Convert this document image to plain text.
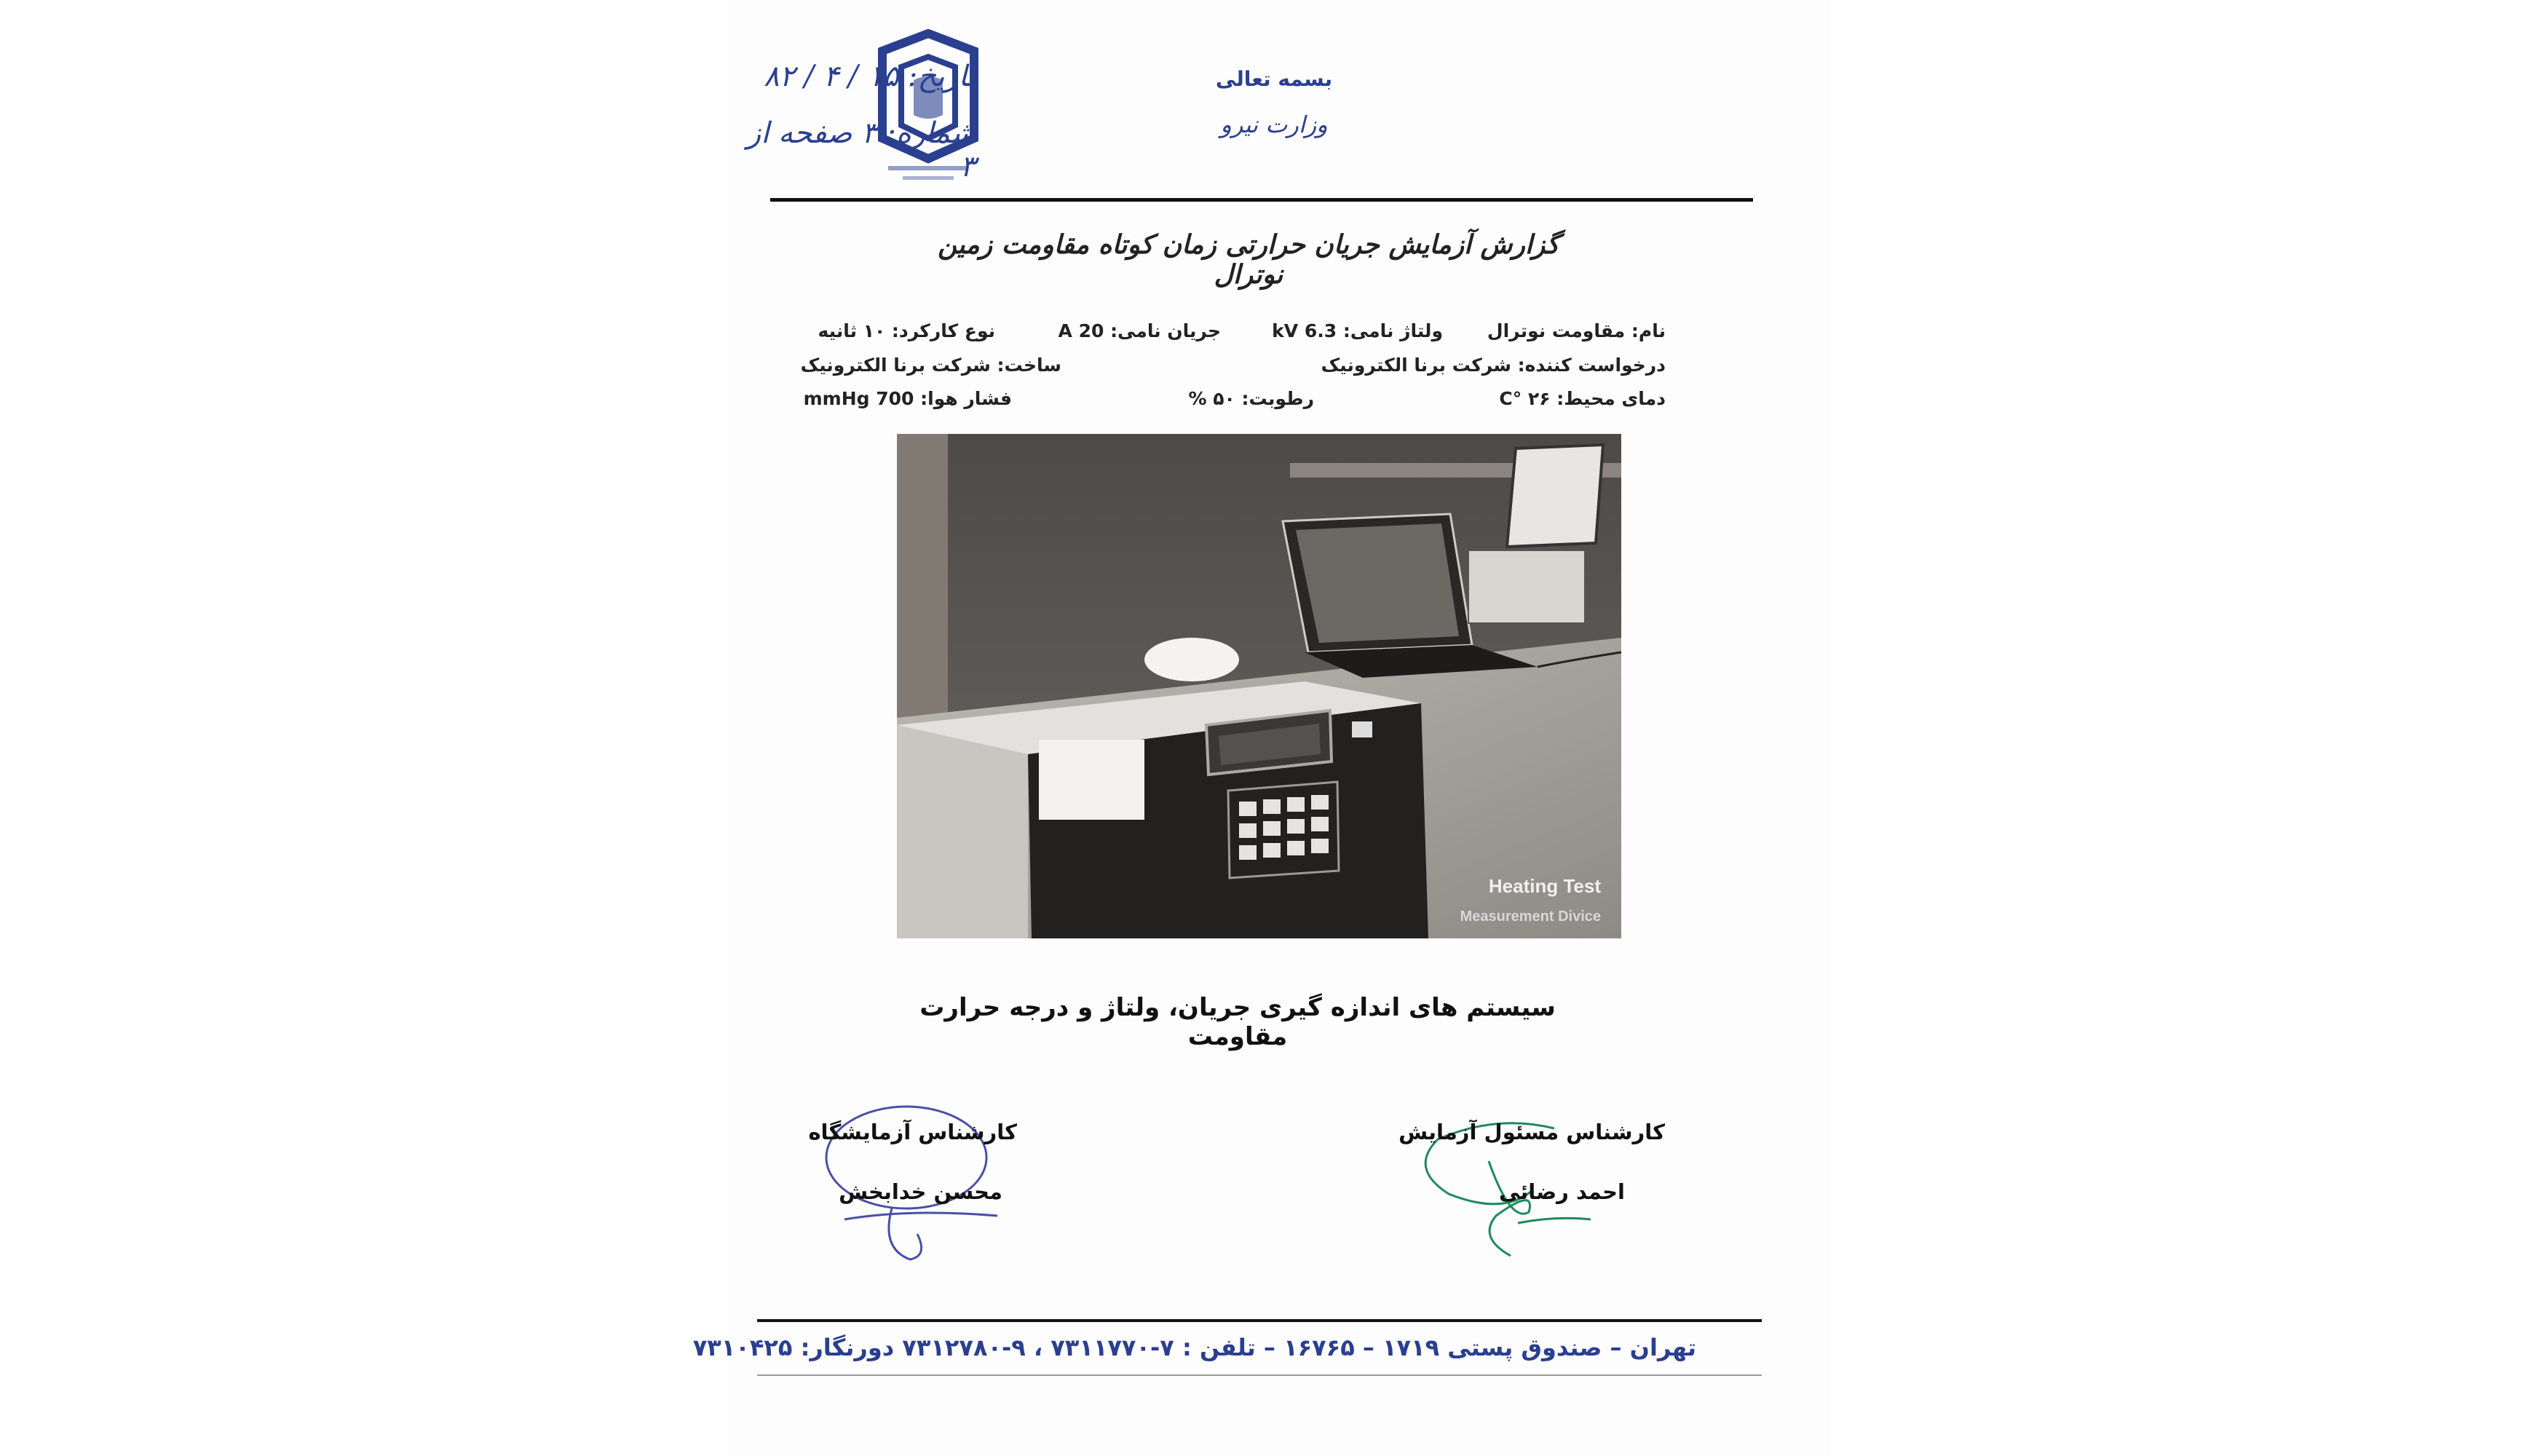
بسمه تعالی
وزارت نیرو
تاریخ: ۱۵ / ۴ / ۸۲
شماره: ۳ صفحه از ۳
گزارش آزمایش جریان حرارتی زمان کوتاه مقاومت زمین نوترال
نام: مقاومت نوترال
ولتاژ نامی: 6.3 kV
جریان نامی: 20 A
نوع کارکرد: ۱۰ ثانیه
درخواست کننده: شرکت برنا الکترونیک
ساخت: شرکت برنا الکترونیک
دمای محیط: ۲۶ °C
رطوبت: ۵۰ %
فشار هوا: 700 mmHg
Heating Test
Measurement Divice
سیستم های اندازه گیری جریان، ولتاژ و درجه حرارت مقاومت
کارشناس آزمایشگاه
محسن خدابخش
کارشناس مسئول آزمایش
احمد رضائی
تهران – صندوق پستی ۱۷۱۹ – ۱۶۷۶۵ – تلفن : ۷-۷۳۱۱۷۷۰ ، ۹-۷۳۱۲۷۸۰ دورنگار: ۷۳۱۰۴۲۵
